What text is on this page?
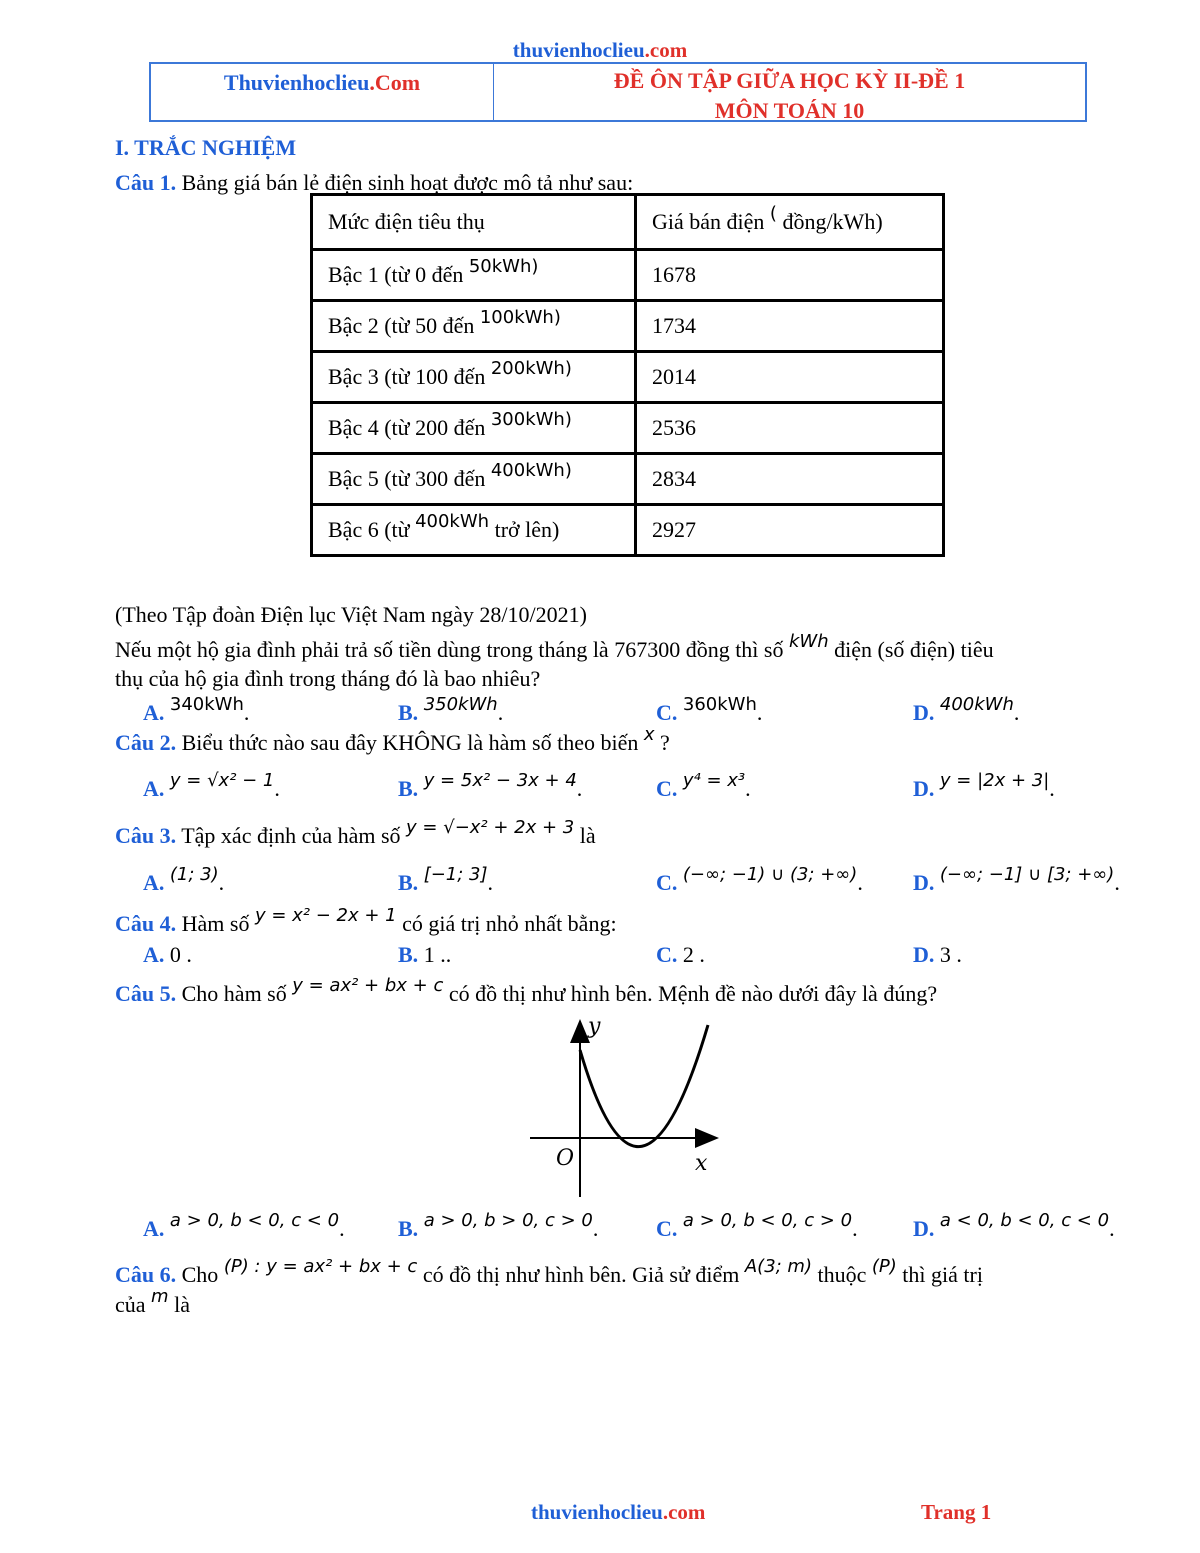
thuvienhoclieu.com
Thuvienhoclieu .Com	ĐỀ ÔN TẬP GIỮA HỌC KỲ II-ĐỀ 1
MÔN TOÁN 10
I. TRẮC NGHIỆM
Câu 1. Bảng giá bán lẻ điện sinh hoạt được mô tả như sau:
Mức điện tiêu thụ	Giá bán điện ( đồng/kWh)
Bậc 1 (từ 0 đến $^{50kWh)}$	1678
Bậc 2 (từ 50 đến $^{100kWh)}$	1734
Bậc 3 (từ 100 đến $^{200kWh)}$	2014
Bậc 4 (từ 200 đến $^{300kWh)}$	2536
Bậc 5 (từ 300 đến $^{400kWh)}$	2834
Bậc 6 (từ $^{400kWh}$ trở lên)	2927
(Theo Tập đoàn Điện lục Việt Nam ngày 28/10/2021)
Nếu một hộ gia đình phải trả số tiền dùng trong tháng là 767300 đồng thì số $^{kWh}$ điện (số điện) tiêu
thụ của hộ gia đình trong tháng đó là bao nhiêu?
A. $^{340kWh}$.	B. $^{350kWh}$.	C. $^{360kWh}$.	D. $^{400kWh}$.
Câu 2. Biểu thức nào sau đây KHÔNG là hàm số theo biến $^x$ ?
A. $^{y = √x^2 - 1}$.	B. $^{y = 5x^2 - 3x + 4}$.	C. $^{y^4 = x^3}$.	D. $^{y = |2x + 3|}$.
Câu 3. Tập xác định của hàm số $^{y = √-x^2 + 2x + 3}$ là
A. $^{(1; 3)}$.	B. [−1; 3].	C. $^{(-\infty; -1) \cup (3; +\infty)}$. D. $^{(-\infty; -1] \cup [3; +\infty)}$.
Câu 4. Hàm số $^{y = x^2 - 2x + 1}$ có giá trị nhỏ nhất bằng:
A. 0 .	B. 1 ..	C. 2 .	D. 3 .
Câu 5. Cho hàm số $^{y = ax^2 + bx + c}$ có đồ thị như hình bên. Mệnh đề nào dưới đây là đúng?
y
x
O
A. $^{a > 0, b < 0, c < 0}$. B. $^{a > 0, b > 0, c > 0}$.	C. $^{a > 0, b < 0, c > 0}$.	D. $^{a < 0, b < 0, c < 0}$.
Câu 6. Cho $^{(P) : y = ax^2 + bx + c}$ có đồ thị như hình bên. Giả sử điểm $^{A(3; m)}$ thuộc $^{(P)}$ thì giá trị
của $^m$ là
thuvienhoclieu.com	Trang 1
